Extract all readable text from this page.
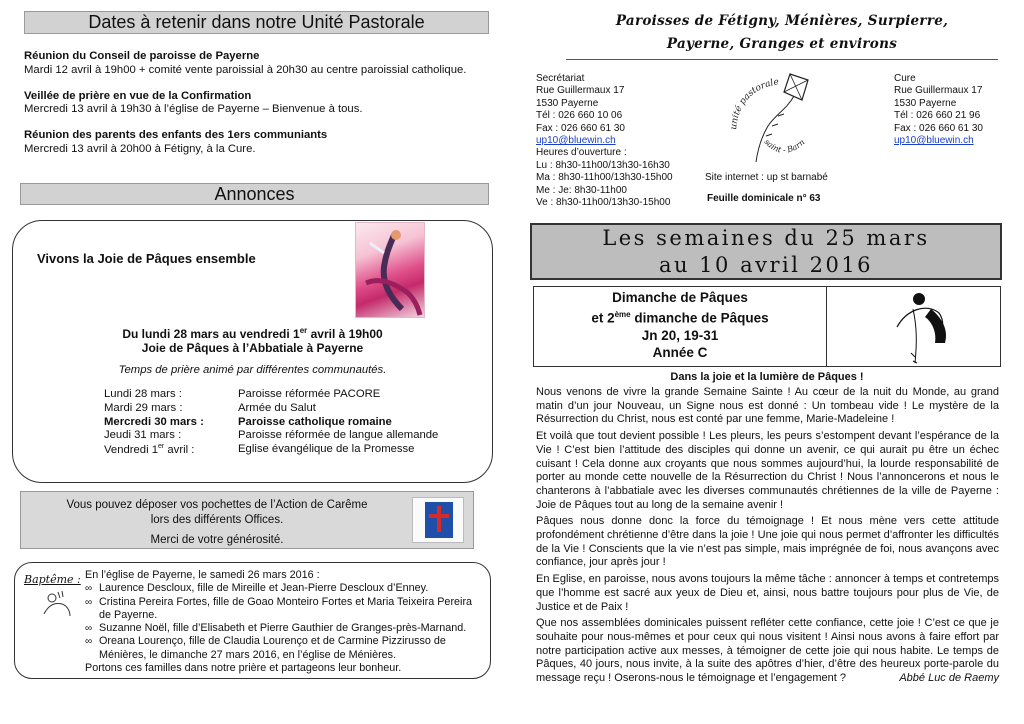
Dates à retenir dans notre Unité Pastorale

Réunion du Conseil de paroisse de Payerne

Mardi 12 avril à 19h00 + comité vente paroissial à 20h30 au centre paroissial catholique.

Veillée de prière en vue de la Confirmation

Mercredi 13 avril à 19h30 à l’église de Payerne – Bienvenue à tous.

Réunion des parents des enfants des 1ers communiants

Mercredi 13 avril à 20h00 à Fétigny, à la Cure.

Annonces
Vivons la Joie de Pâques ensemble
Du lundi 28 mars au vendredi 1er avril à 19h00
Joie de Pâques à l’Abbatiale à Payerne
Temps de prière animé par différentes communautés.
Lundi 28 mars :	Paroisse réformée PACORE
Mardi 29 mars :	Armée du Salut
Mercredi 30 mars :	Paroisse catholique romaine
Jeudi 31 mars :	Paroisse réformée de langue allemande
Vendredi 1er avril :	Eglise évangélique de la Promesse

Vous pouvez déposer vos pochettes de l’Action de Carême

lors des différents Offices.

Merci de votre générosité.

Baptême : En l’église de Payerne, le samedi 26 mars 2016 :

∞ Laurence Descloux, fille de Mireille et Jean-Pierre Descloux d’Enney.
∞ Cristina Pereira Fortes, fille de Goao Monteiro Fortes et Maria Teixeira Pereira de Payerne.
∞ Suzanne Noël, fille d’Elisabeth et Pierre Gauthier de Granges-près-Marnand.
∞ Oreana Lourenço, fille de Claudia Lourenço et de Carmine Pizzirusso de Ménières, le dimanche 27 mars 2016, en l’église de Ménières.

Portons ces familles dans notre prière et partageons leur bonheur.

Paroisses de Fétigny, Ménières, Surpierre,

Payerne, Granges et environs

Secrétariat

Rue Guillermaux 17

1530 Payerne

Tél : 026 660 10 06

Fax : 026 660 61 30

up10@bluewin.ch

Heures d’ouverture :

Lu : 8h30-11h00/13h30-16h30

Ma : 8h30-11h00/13h30-15h00

Me : Je: 8h30-11h00

Ve : 8h30-11h00/13h30-15h00

unité pastorale
saint - Barn
Site internet : up st barnabé
Feuille dominicale n° 63

Cure

Rue Guillermaux 17

1530 Payerne

Tél : 026 660 21 96

Fax : 026 660 61 30

up10@bluewin.ch

Les semaines du 25 mars

au 10 avril 2016

Dimanche de Pâques

et 2ème dimanche de Pâques

Jn 20, 19-31

Année C

Dans la joie et la lumière de Pâques !

Nous venons de vivre la grande Semaine Sainte ! Au cœur de la nuit du Monde, au grand matin d’un jour Nouveau, un Signe nous est donné : Un tombeau vide ! Le mystère de la Résurrection du Christ, nous est conté par une femme, Marie-Madeleine !

Et voilà que tout devient possible ! Les pleurs, les peurs s’estompent devant l’espérance de la Vie ! C’est bien l’attitude des disciples qui donne un avenir, ce qui aurait pu être un échec cuisant ! Cela donne aux croyants que nous sommes aujourd’hui, la lourde responsabilité de porter au monde cette nouvelle de la Résurrection du Christ ! Nous l’annoncerons et nous le chanterons à l’abbatiale avec les diverses communautés chrétiennes de la ville de Payerne : Joie de Pâques tout au long de la semaine avenir !

Pâques nous donne donc la force du témoignage ! Et nous mène vers cette attitude profondément chrétienne d’être dans la joie ! Une joie qui nous permet d’affronter les difficultés de la Vie ! Conscients que la vie n’est pas simple, mais imprégnée de foi, nous avançons avec confiance, jour après jour !

En Eglise, en paroisse, nous avons toujours la même tâche : annoncer à temps et contretemps que l’homme est sacré aux yeux de Dieu et, ainsi, nous battre toujours pour plus de Vie, de Justice et de Paix !

Que nos assemblées dominicales puissent refléter cette confiance, cette joie ! C’est ce que je souhaite pour nous-mêmes et pour ceux qui nous visitent ! Ainsi nous avons à faire effort par notre participation active aux messes, à témoigner de cette joie qui nous habite. Le temps de Pâques, 40 jours, nous invite, à la suite des apôtres d’hier, d’être des heureux porte-parole du message reçu ! Oserons-nous le témoignage et l’engagement ?	Abbé Luc de Raemy
